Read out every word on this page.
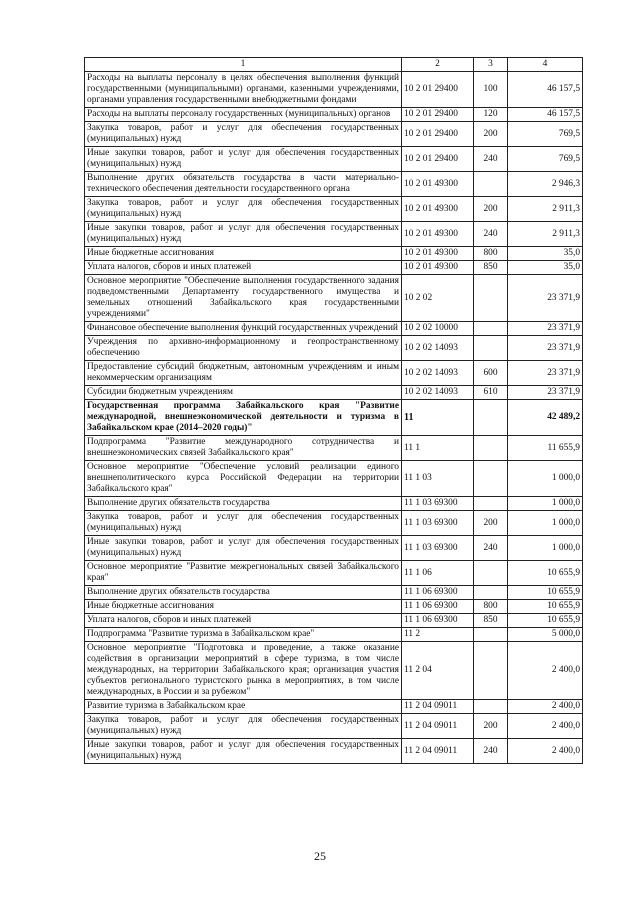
1	2	3	4
Расходы на выплаты персоналу в целях обеспечения выполнения функций государственными (муниципальными) органами, казенными учреждениями, органами управления государственными внебюджетными фондами	10 2 01 29400	100	46 157,5
Расходы на выплаты персоналу государственных (муниципальных) органов	10 2 01 29400	120	46 157,5
Закупка товаров, работ и услуг для обеспечения государственных (муниципальных) нужд	10 2 01 29400	200	769,5
Иные закупки товаров, работ и услуг для обеспечения государственных (муниципальных) нужд	10 2 01 29400	240	769,5
Выполнение других обязательств государства в части материально-технического обеспечения деятельности государственного органа	10 2 01 49300		2 946,3
Закупка товаров, работ и услуг для обеспечения государственных (муниципальных) нужд	10 2 01 49300	200	2 911,3
Иные закупки товаров, работ и услуг для обеспечения государственных (муниципальных) нужд	10 2 01 49300	240	2 911,3
Иные бюджетные ассигнования	10 2 01 49300	800	35,0
Уплата налогов, сборов и иных платежей	10 2 01 49300	850	35,0
Основное мероприятие "Обеспечение выполнения государственного задания подведомственными Департаменту государственного имущества и земельных отношений Забайкальского края государственными учреждениями"	10 2 02		23 371,9
Финансовое обеспечение выполнения функций государственных учреждений	10 2 02 10000		23 371,9
Учреждения по архивно-информационному и геопространственному обеспечению	10 2 02 14093		23 371,9
Предоставление субсидий бюджетным, автономным учреждениям и иным некоммерческим организациям	10 2 02 14093	600	23 371,9
Субсидии бюджетным учреждениям	10 2 02 14093	610	23 371,9
Государственная программа Забайкальского края "Развитие международной, внешнеэкономической деятельности и туризма в Забайкальском крае (2014–2020 годы)"	11		42 489,2
Подпрограмма "Развитие международного сотрудничества и внешнеэкономических связей Забайкальского края"	11 1		11 655,9
Основное мероприятие "Обеспечение условий реализации единого внешнеполитического курса Российской Федерации на территории Забайкальского края"	11 1 03		1 000,0
Выполнение других обязательств государства	11 1 03 69300		1 000,0
Закупка товаров, работ и услуг для обеспечения государственных (муниципальных) нужд	11 1 03 69300	200	1 000,0
Иные закупки товаров, работ и услуг для обеспечения государственных (муниципальных) нужд	11 1 03 69300	240	1 000,0
Основное мероприятие "Развитие межрегиональных связей Забайкальского края"	11 1 06		10 655,9
Выполнение других обязательств государства	11 1 06 69300		10 655,9
Иные бюджетные ассигнования	11 1 06 69300	800	10 655,9
Уплата налогов, сборов и иных платежей	11 1 06 69300	850	10 655,9
Подпрограмма "Развитие туризма в Забайкальском крае"	11 2		5 000,0
Основное мероприятие "Подготовка и проведение, а также оказание содействия в организации мероприятий в сфере туризма, в том числе международных, на территории Забайкальского края; организация участия субъектов регионального туристского рынка в мероприятиях, в том числе международных, в России и за рубежом"	11 2 04		2 400,0
Развитие туризма в Забайкальском крае	11 2 04 09011		2 400,0
Закупка товаров, работ и услуг для обеспечения государственных (муниципальных) нужд	11 2 04 09011	200	2 400,0
Иные закупки товаров, работ и услуг для обеспечения государственных (муниципальных) нужд	11 2 04 09011	240	2 400,0
25
